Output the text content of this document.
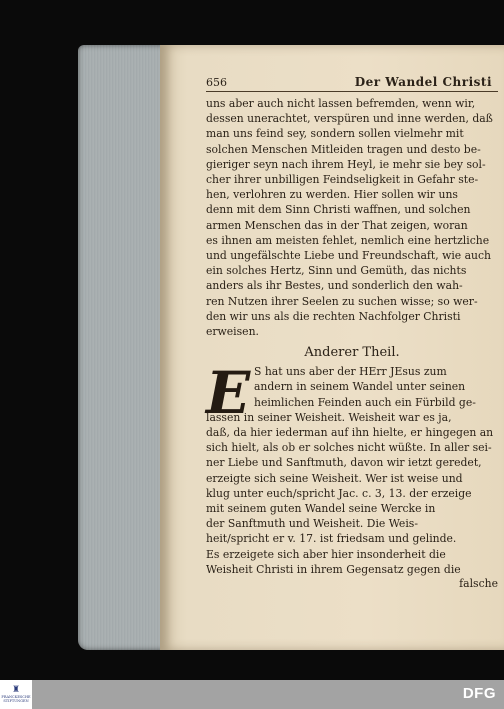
656	Der Wandel Christi
uns aber auch nicht lassen befremden, wenn wir,
dessen unerachtet, verspüren und inne werden, daß
man uns feind sey, sondern sollen vielmehr mit
solchen Menschen Mitleiden tragen und desto be-
gieriger seyn nach ihrem Heyl, ie mehr sie bey sol-
cher ihrer unbilligen Feindseligkeit in Gefahr ste-
hen, verlohren zu werden. Hier sollen wir uns
denn mit dem Sinn Christi waffnen, und solchen
armen Menschen das in der That zeigen, woran
es ihnen am meisten fehlet, nemlich eine hertzliche
und ungefälschte Liebe und Freundschaft, wie auch
ein solches Hertz, Sinn und Gemüth, das nichts
anders als ihr Bestes, und sonderlich den wah-
ren Nutzen ihrer Seelen zu suchen wisse; so wer-
den wir uns als die rechten Nachfolger Christi
erweisen.
Anderer Theil.
E S hat uns aber der HErr JEsus zum
andern in seinem Wandel unter seinen
heimlichen Feinden auch ein Fürbild ge-
lassen in seiner Weisheit. Weisheit war es ja,
daß, da hier iederman auf ihn hielte, er hingegen an
sich hielt, als ob er solches nicht wüßte. In aller sei-
ner Liebe und Sanftmuth, davon wir ietzt geredet,
erzeigte sich seine Weisheit. Wer ist weise und
klug unter euch/spricht Jac. c. 3, 13. der erzeige
mit seinem guten Wandel seine Wercke in
der Sanftmuth und Weisheit. Die Weis-
heit/spricht er v. 17. ist friedsam und gelinde.
Es erzeigete sich aber hier insonderheit die
Weisheit Christi in ihrem Gegensatz gegen die
falsche
♜
FRANCKESCHE STIFTUNGEN	DFG
